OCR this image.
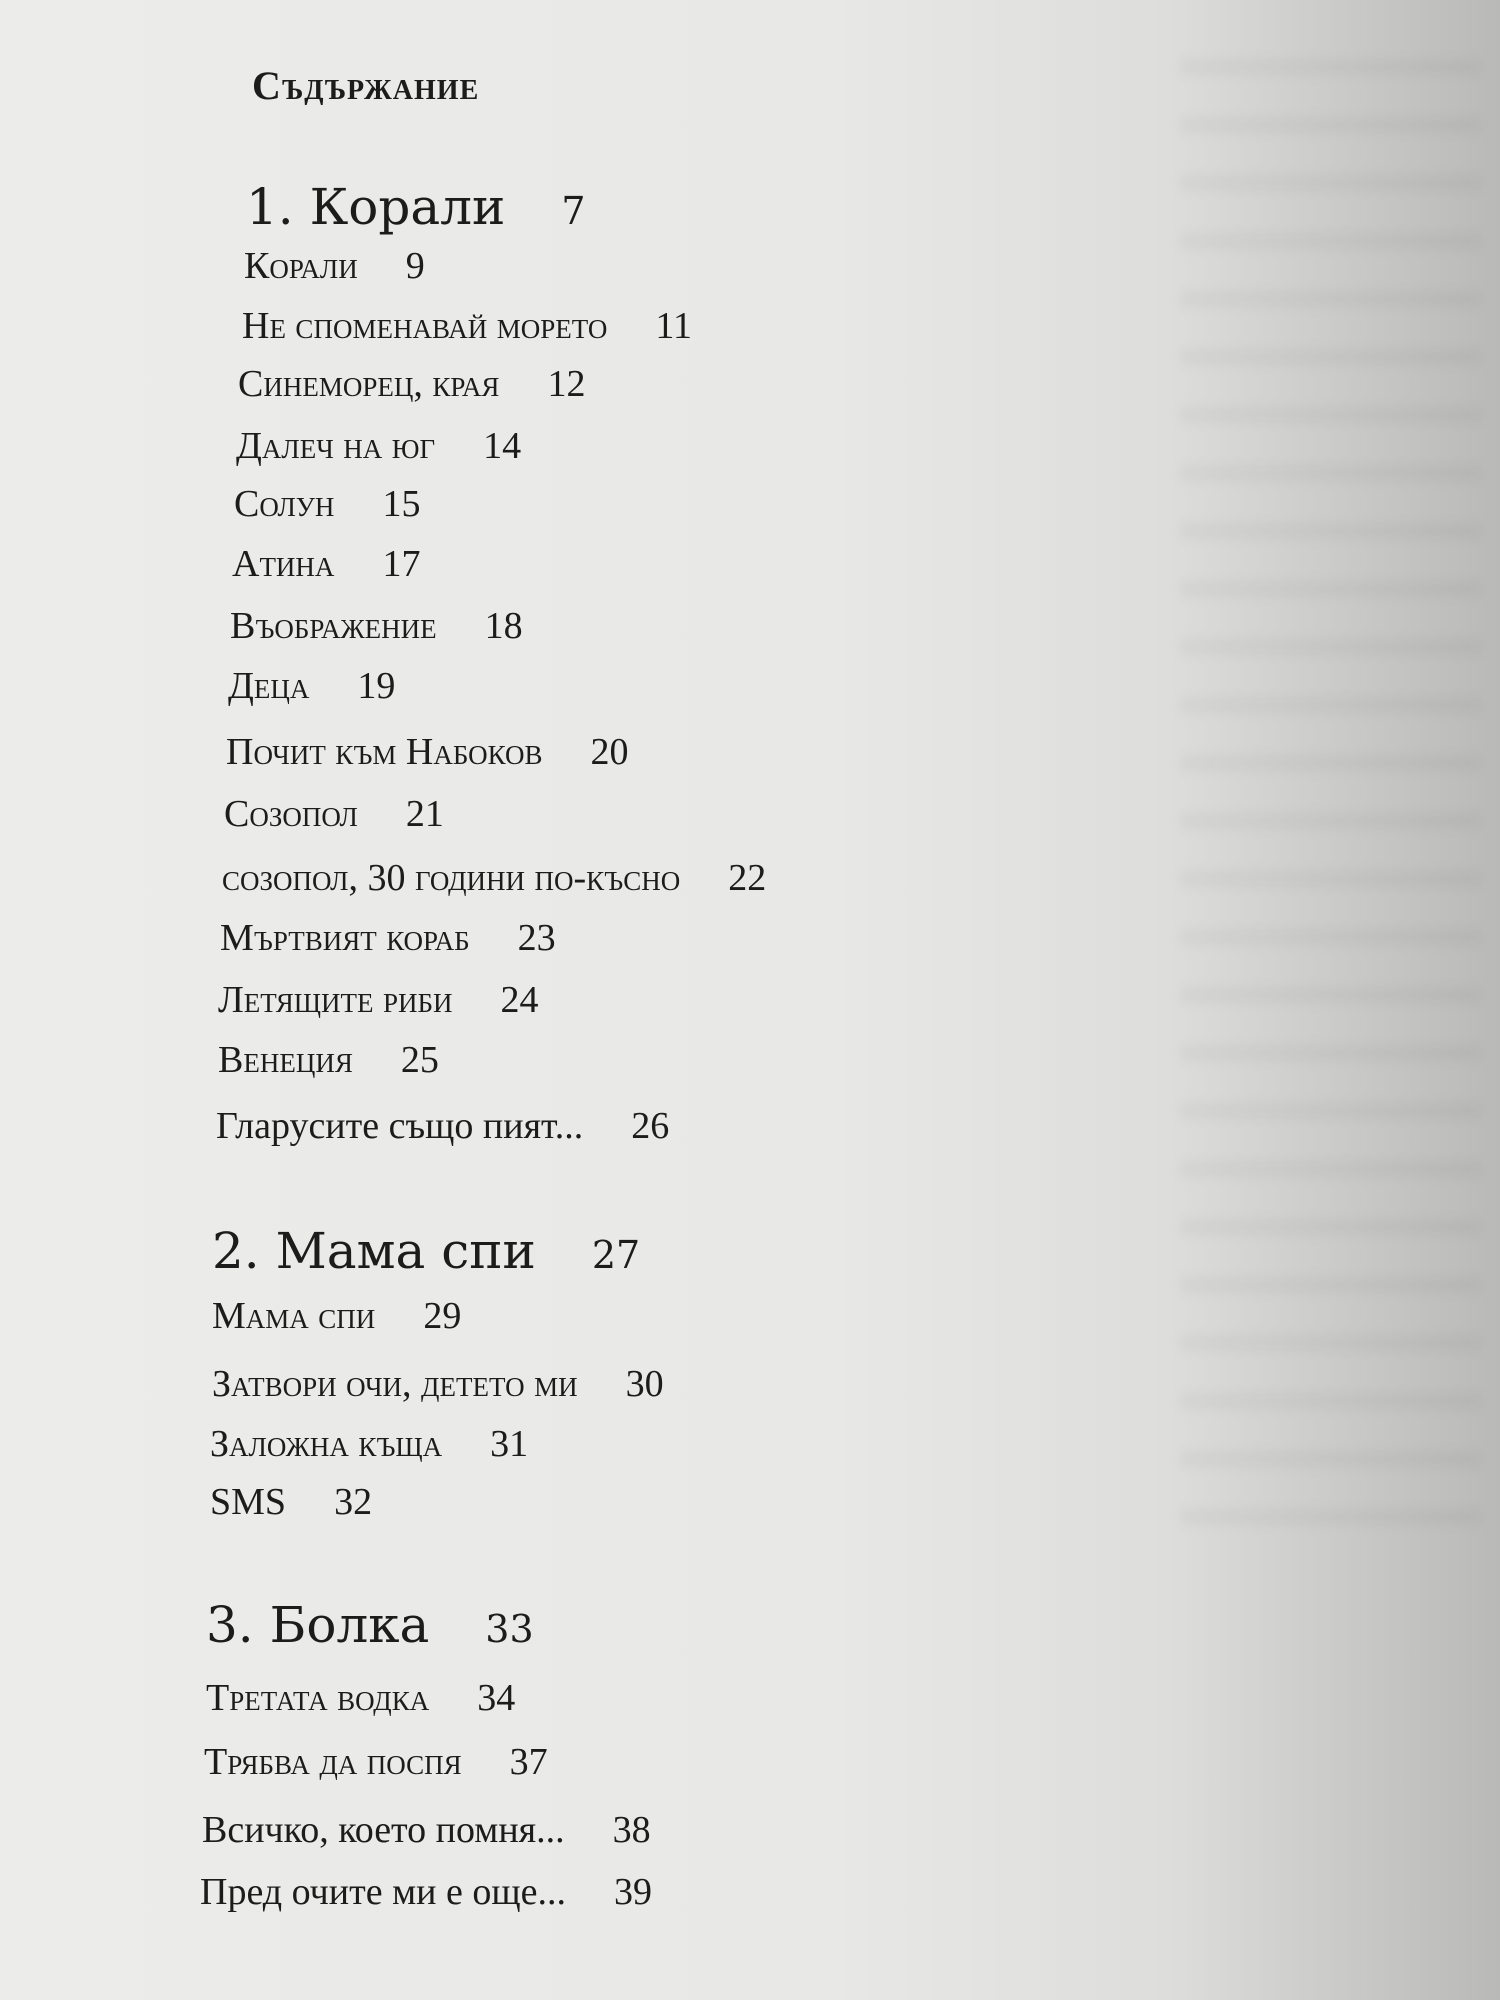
Съдържание
1. Корали 7
Корали 9
Не споменавай морето 11
Синеморец, края 12
Далеч на юг 14
Солун 15
Атина 17
Въображение 18
Деца 19
Почит към Набоков 20
Созопол 21
созопол, 30 години по-късно 22
Мъртвият кораб 23
Летящите риби 24
Венеция 25
Гларусите също пият... 26
2. Мама спи 27
Мама спи 29
Затвори очи, детето ми 30
Заложна къща 31
SMS 32
3. Болка 33
Третата водка 34
Трябва да поспя 37
Всичко, което помня... 38
Пред очите ми е още... 39
